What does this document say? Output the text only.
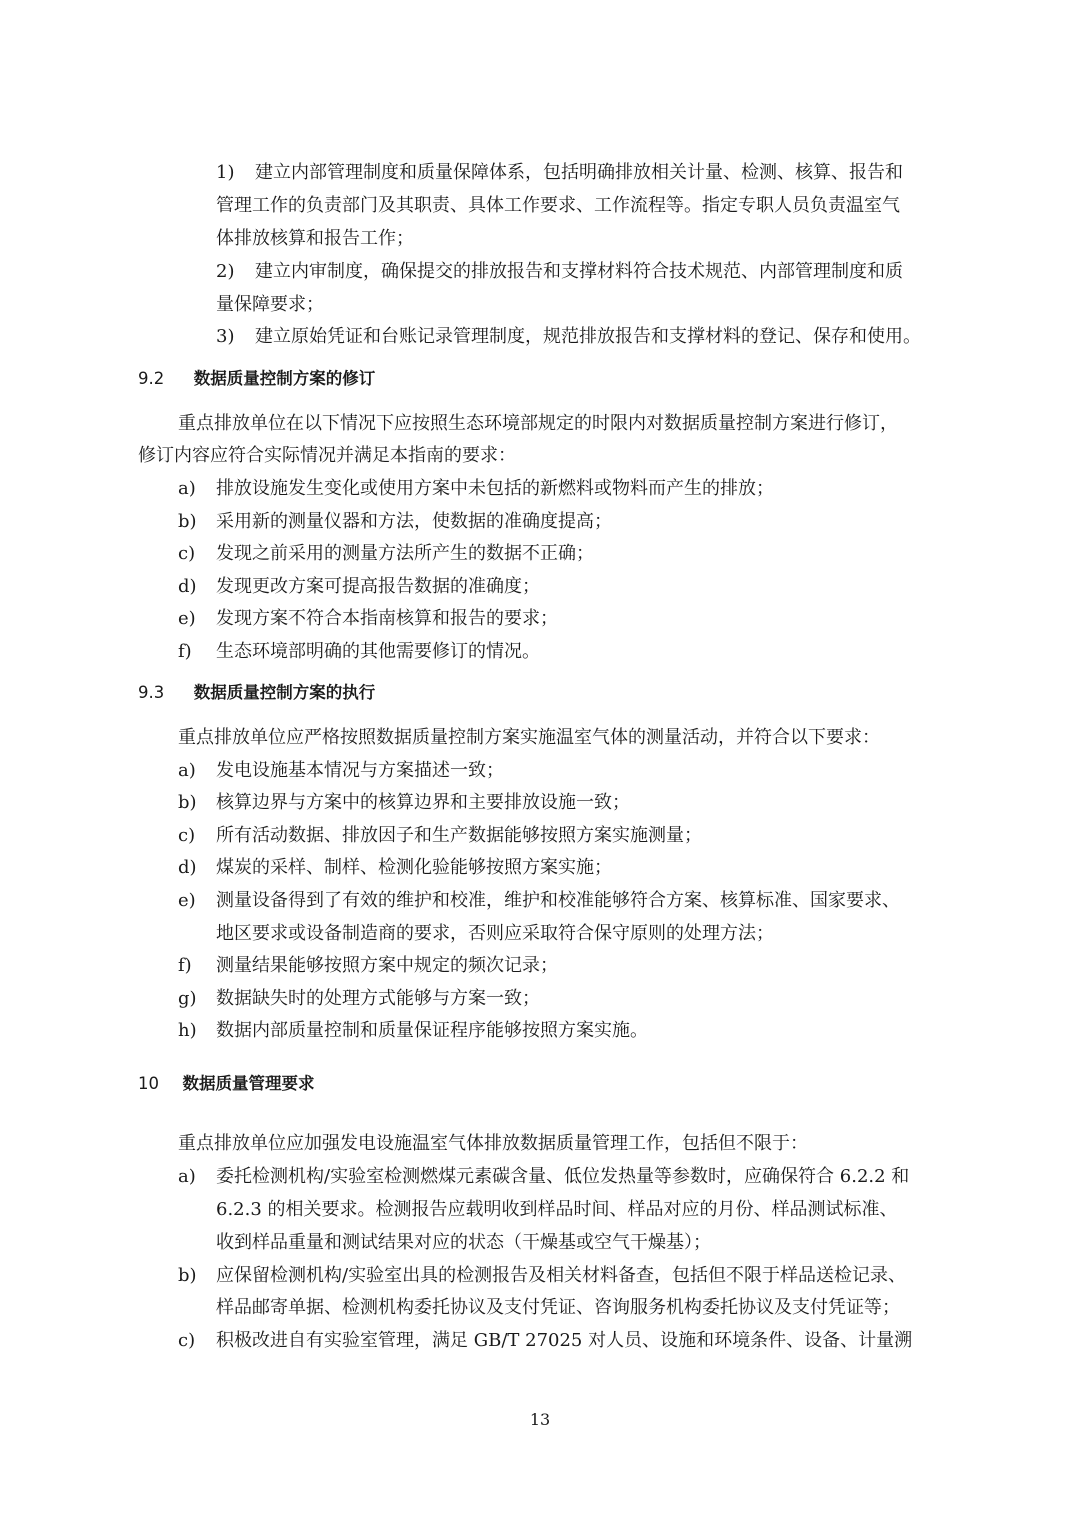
1) 建立内部管理制度和质量保障体系，包括明确排放相关计量、检测、核算、报告和
管理工作的负责部门及其职责、具体工作要求、工作流程等。指定专职人员负责温室气
体排放核算和报告工作；
2) 建立内审制度，确保提交的排放报告和支撑材料符合技术规范、内部管理制度和质
量保障要求；
3) 建立原始凭证和台账记录管理制度，规范排放报告和支撑材料的登记、保存和使用。
9.2 数据质量控制方案的修订
重点排放单位在以下情况下应按照生态环境部规定的时限内对数据质量控制方案进行修订，
修订内容应符合实际情况并满足本指南的要求：
a) 排放设施发生变化或使用方案中未包括的新燃料或物料而产生的排放；
b) 采用新的测量仪器和方法，使数据的准确度提高；
c) 发现之前采用的测量方法所产生的数据不正确；
d) 发现更改方案可提高报告数据的准确度；
e) 发现方案不符合本指南核算和报告的要求；
f) 生态环境部明确的其他需要修订的情况。
9.3 数据质量控制方案的执行
重点排放单位应严格按照数据质量控制方案实施温室气体的测量活动，并符合以下要求：
a) 发电设施基本情况与方案描述一致；
b) 核算边界与方案中的核算边界和主要排放设施一致；
c) 所有活动数据、排放因子和生产数据能够按照方案实施测量；
d) 煤炭的采样、制样、检测化验能够按照方案实施；
e) 测量设备得到了有效的维护和校准，维护和校准能够符合方案、核算标准、国家要求、
地区要求或设备制造商的要求，否则应采取符合保守原则的处理方法；
f) 测量结果能够按照方案中规定的频次记录；
g) 数据缺失时的处理方式能够与方案一致；
h) 数据内部质量控制和质量保证程序能够按照方案实施。
10 数据质量管理要求
重点排放单位应加强发电设施温室气体排放数据质量管理工作，包括但不限于：
a) 委托检测机构/实验室检测燃煤元素碳含量、低位发热量等参数时，应确保符合 6.2.2 和
6.2.3 的相关要求。检测报告应载明收到样品时间、样品对应的月份、样品测试标准、
收到样品重量和测试结果对应的状态（干燥基或空气干燥基）；
b) 应保留检测机构/实验室出具的检测报告及相关材料备查，包括但不限于样品送检记录、
样品邮寄单据、检测机构委托协议及支付凭证、咨询服务机构委托协议及支付凭证等；
c) 积极改进自有实验室管理，满足 GB/T 27025 对人员、设施和环境条件、设备、计量溯
13
